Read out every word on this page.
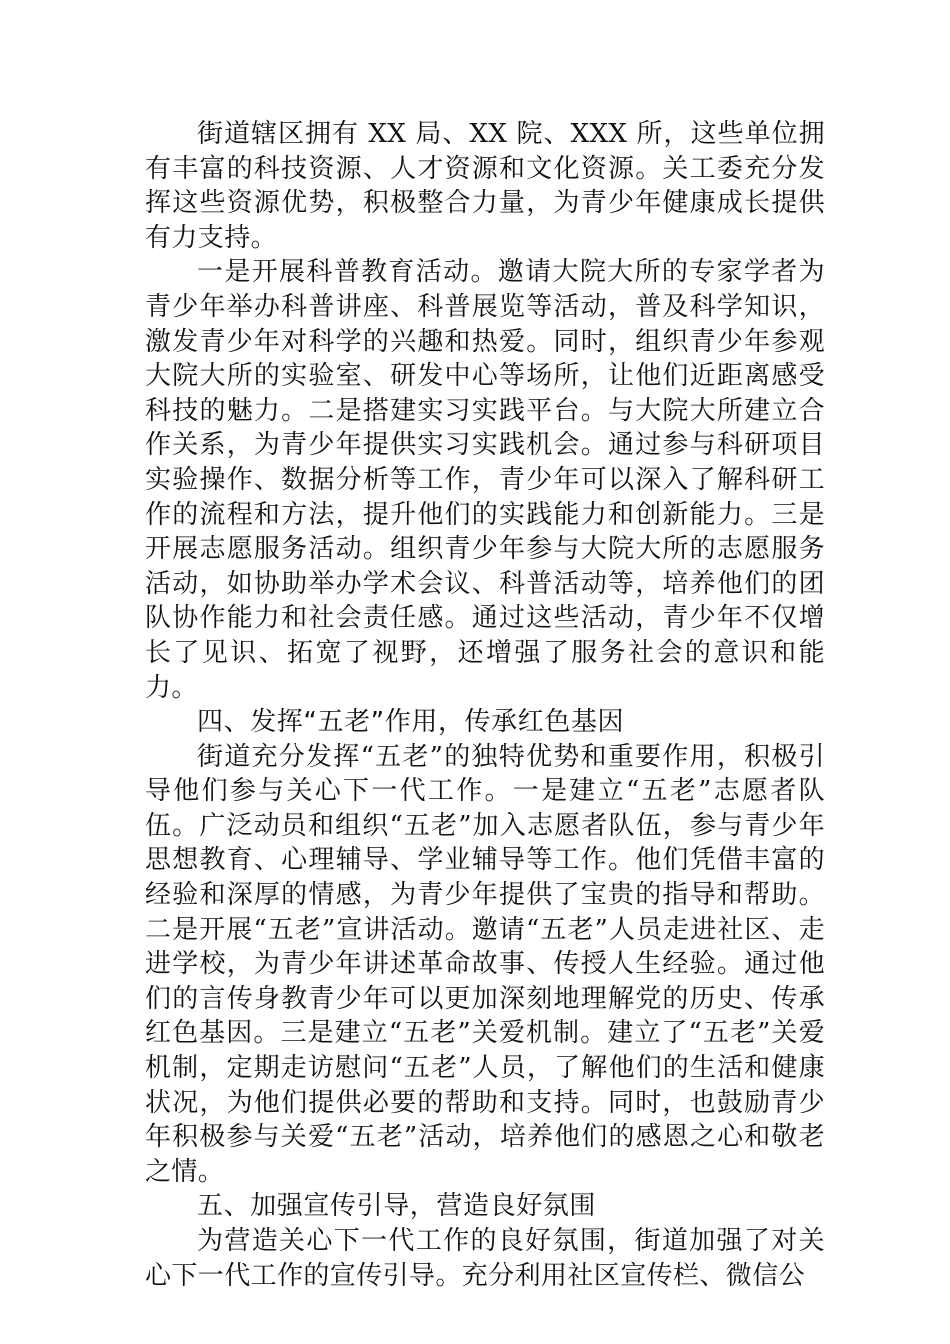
街道辖区拥有 XX 局、XX 院、XXX 所，这些单位拥有丰富的科技资源、人才资源和文化资源。关工委充分发挥这些资源优势，积极整合力量，为青少年健康成长提供有力支持。

一是开展科普教育活动。邀请大院大所的专家学者为青少年举办科普讲座、科普展览等活动，普及科学知识，激发青少年对科学的兴趣和热爱。同时，组织青少年参观大院大所的实验室、研发中心等场所，让他们近距离感受科技的魅力。二是搭建实习实践平台。与大院大所建立合作关系，为青少年提供实习实践机会。通过参与科研项目实验操作、数据分析等工作，青少年可以深入了解科研工作的流程和方法，提升他们的实践能力和创新能力。三是开展志愿服务活动。组织青少年参与大院大所的志愿服务活动，如协助举办学术会议、科普活动等，培养他们的团队协作能力和社会责任感。通过这些活动，青少年不仅增长了见识、拓宽了视野，还增强了服务社会的意识和能力。

四、发挥“五老”作用，传承红色基因

街道充分发挥“五老”的独特优势和重要作用，积极引导他们参与关心下一代工作。一是建立“五老”志愿者队伍。广泛动员和组织“五老”加入志愿者队伍，参与青少年思想教育、心理辅导、学业辅导等工作。他们凭借丰富的经验和深厚的情感，为青少年提供了宝贵的指导和帮助。二是开展“五老”宣讲活动。邀请“五老”人员走进社区、走进学校，为青少年讲述革命故事、传授人生经验。通过他们的言传身教青少年可以更加深刻地理解党的历史、传承红色基因。三是建立“五老”关爱机制。建立了“五老”关爱机制，定期走访慰问“五老”人员，了解他们的生活和健康状况，为他们提供必要的帮助和支持。同时，也鼓励青少年积极参与关爱“五老”活动，培养他们的感恩之心和敬老之情。

五、加强宣传引导，营造良好氛围

为营造关心下一代工作的良好氛围，街道加强了对关心下一代工作的宣传引导。充分利用社区宣传栏、微信公
